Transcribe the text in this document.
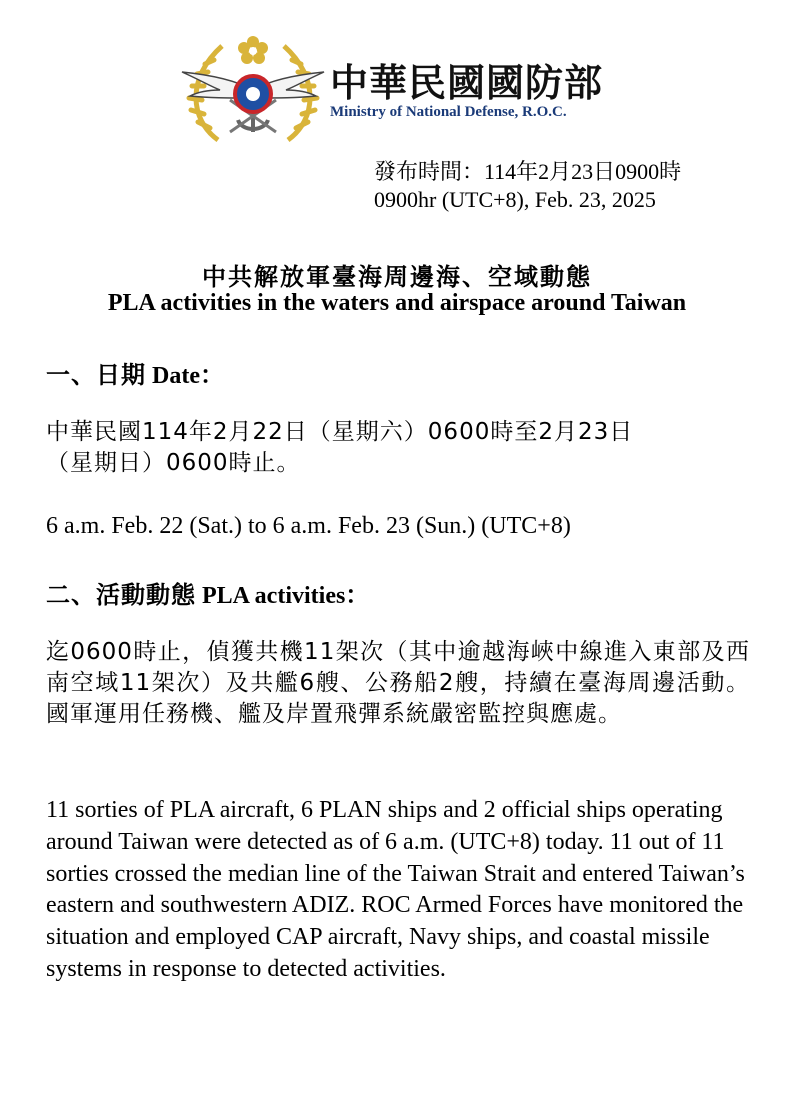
中華民國國防部
Ministry of National Defense, R.O.C.
發布時間：114年2月23日0900時
0900hr (UTC+8), Feb. 23, 2025
中共解放軍臺海周邊海、空域動態
PLA activities in the waters and airspace around Taiwan
一、日期 Date：
中華民國114年2月22日（星期六）0600時至2月23日
（星期日）0600時止。
6 a.m. Feb. 22 (Sat.) to 6 a.m. Feb. 23 (Sun.) (UTC+8)
二、活動動態 PLA activities：
迄0600時止，偵獲共機11架次（其中逾越海峽中線進入東部及西南空域11架次）及共艦6艘、公務船2艘，持續在臺海周邊活動。國軍運用任務機、艦及岸置飛彈系統嚴密監控與應處。
11 sorties of PLA aircraft, 6 PLAN ships and 2 official ships operating around Taiwan were detected as of 6 a.m. (UTC+8) today. 11 out of 11 sorties crossed the median line of the Taiwan Strait and entered Taiwan’s eastern and southwestern ADIZ. ROC Armed Forces have monitored the situation and employed CAP aircraft, Navy ships, and coastal missile systems in response to detected activities.
